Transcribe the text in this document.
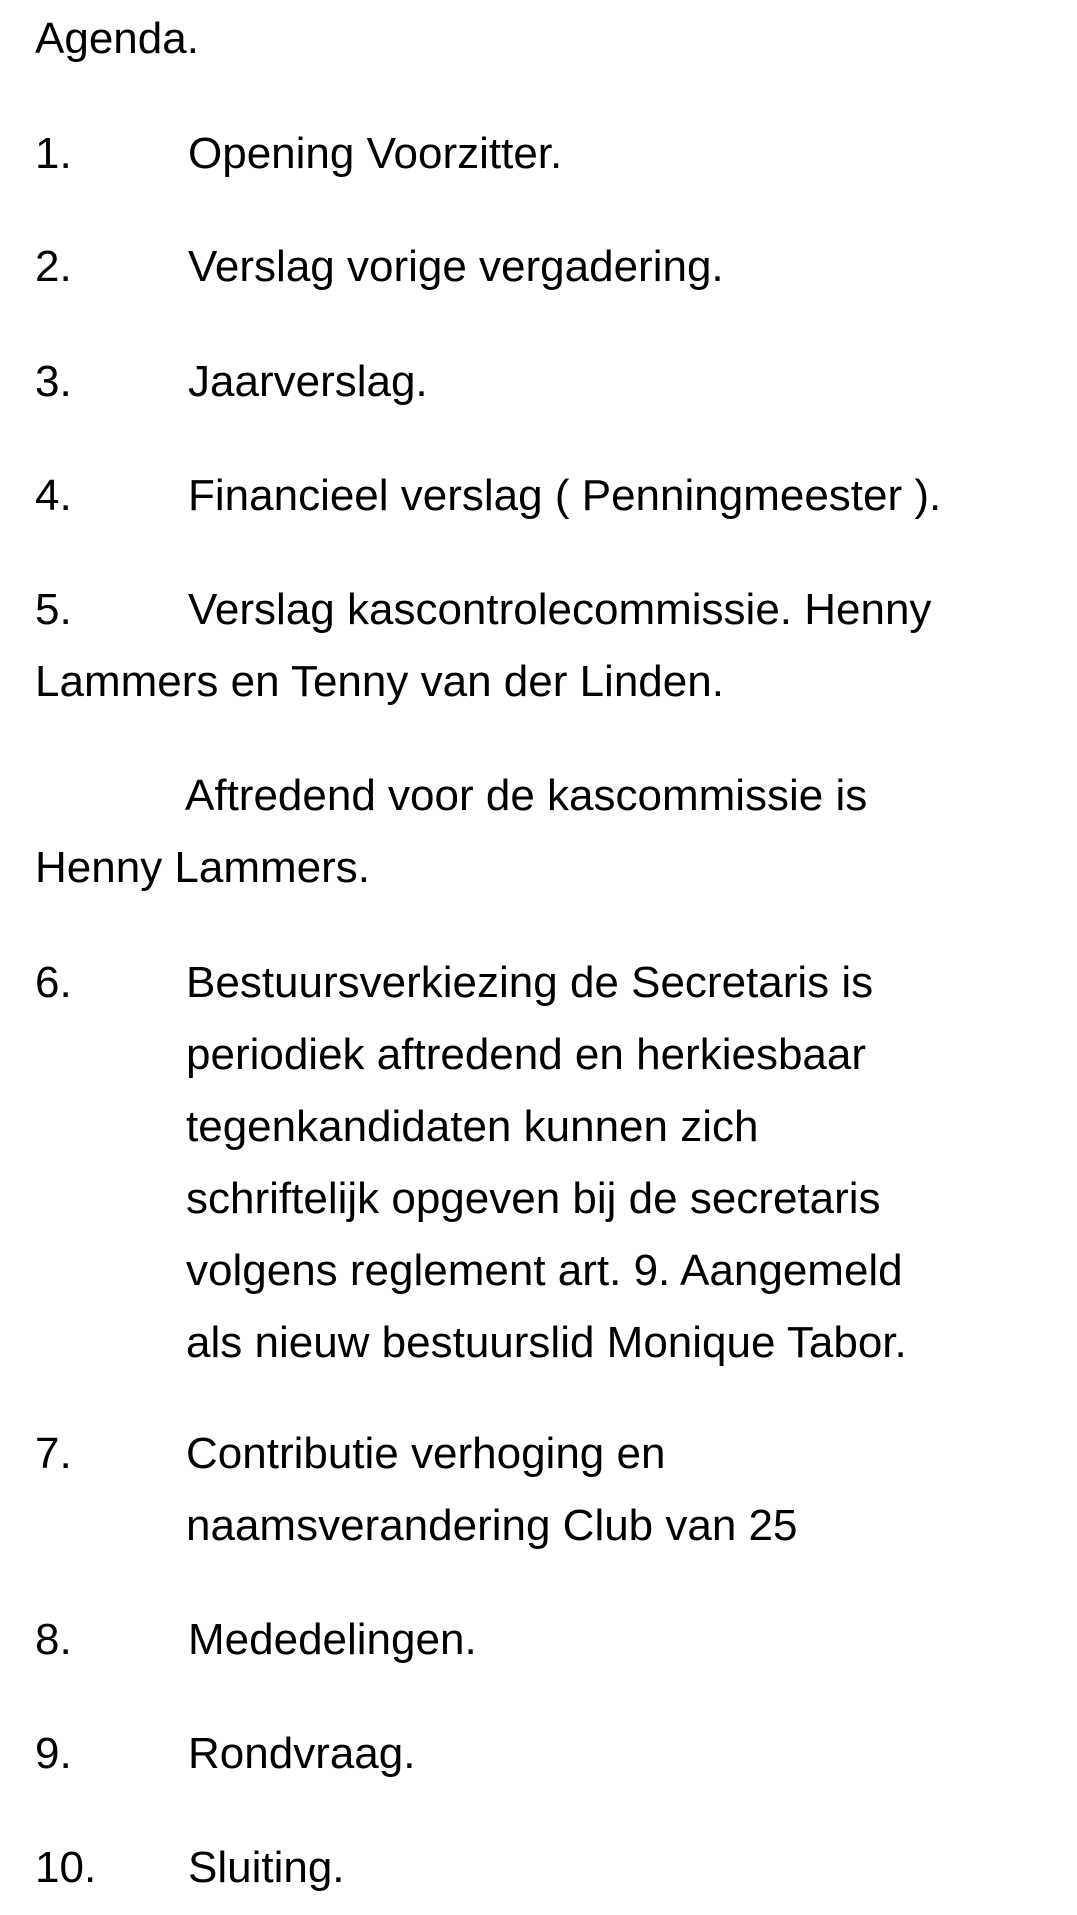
Agenda.
1.	Opening Voorzitter.
2.	Verslag vorige vergadering.
3.	Jaarverslag.
4.	Financieel verslag ( Penningmeester ).
5.	Verslag kascontrolecommissie. Henny
Lammers en Tenny van der Linden.
Aftredend voor de kascommissie is
Henny Lammers.
6.	Bestuursverkiezing de Secretaris is
periodiek aftredend en herkiesbaar
tegenkandidaten kunnen zich
schriftelijk opgeven bij de secretaris
volgens reglement art. 9. Aangemeld
als nieuw bestuurslid Monique Tabor.
7.	Contributie verhoging en
naamsverandering Club van 25
8.	Mededelingen.
9.	Rondvraag.
10. Sluiting.
